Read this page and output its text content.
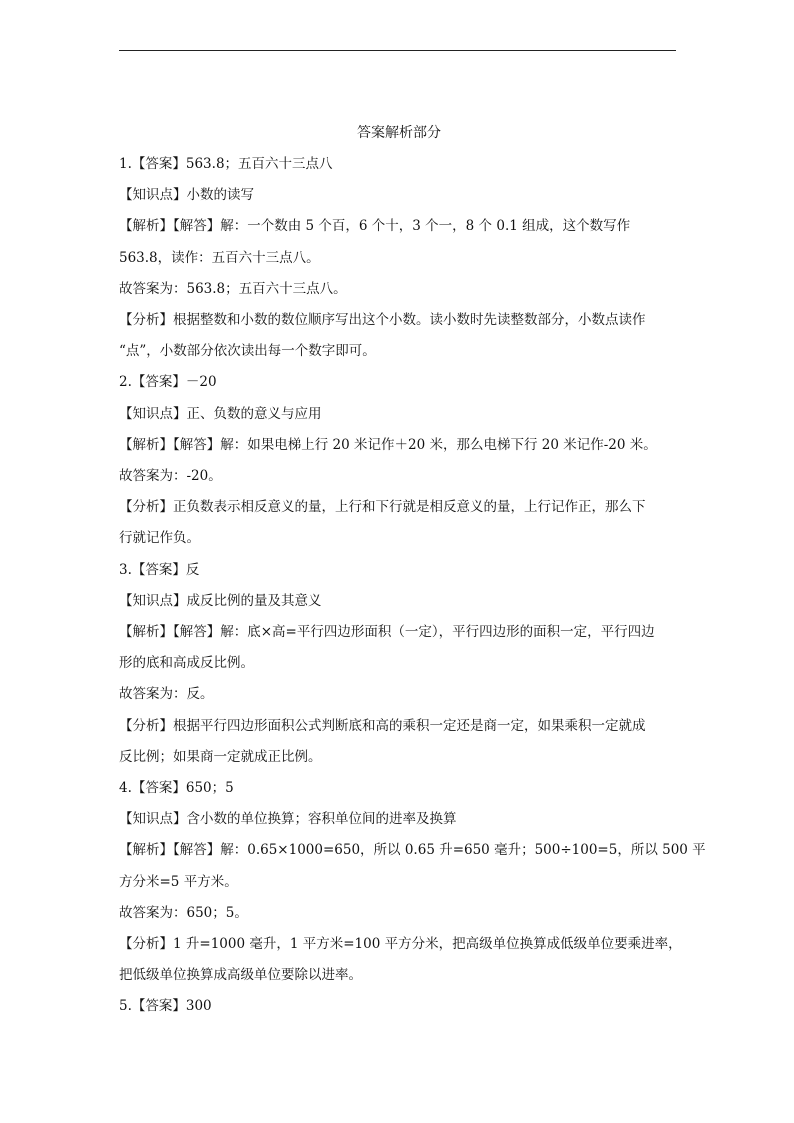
答案解析部分

1.【答案】563.8；五百六十三点八

【知识点】小数的读写

【解析】【解答】解：一个数由 5 个百，6 个十，3 个一，8 个 0.1 组成，这个数写作

563.8，读作：五百六十三点八。

故答案为：563.8；五百六十三点八。

【分析】根据整数和小数的数位顺序写出这个小数。读小数时先读整数部分，小数点读作

“点”，小数部分依次读出每一个数字即可。

2.【答案】－20

【知识点】正、负数的意义与应用

【解析】【解答】解：如果电梯上行 20 米记作＋20 米，那么电梯下行 20 米记作-20 米。

故答案为：-20。

【分析】正负数表示相反意义的量，上行和下行就是相反意义的量，上行记作正，那么下

行就记作负。

3.【答案】反

【知识点】成反比例的量及其意义

【解析】【解答】解：底×高=平行四边形面积（一定），平行四边形的面积一定，平行四边

形的底和高成反比例。

故答案为：反。

【分析】根据平行四边形面积公式判断底和高的乘积一定还是商一定，如果乘积一定就成

反比例；如果商一定就成正比例。

4.【答案】650；5

【知识点】含小数的单位换算；容积单位间的进率及换算

【解析】【解答】解：0.65×1000=650，所以 0.65 升=650 毫升；500÷100=5，所以 500 平

方分米=5 平方米。

故答案为：650；5。

【分析】1 升=1000 毫升，1 平方米=100 平方分米，把高级单位换算成低级单位要乘进率，

把低级单位换算成高级单位要除以进率。

5.【答案】300
